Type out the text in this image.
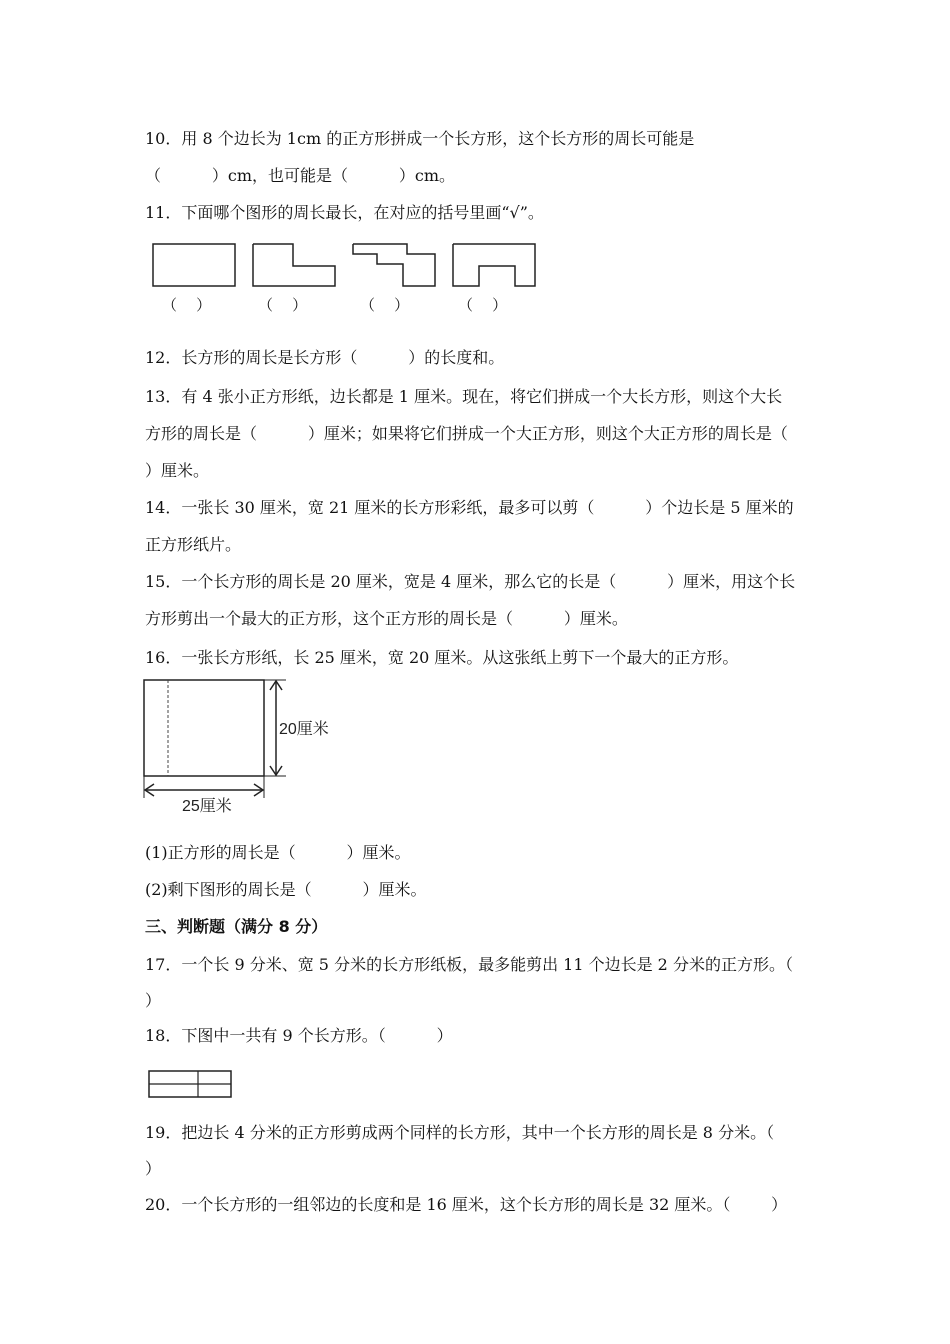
10．用 8 个边长为 1cm 的正方形拼成一个长方形，这个长方形的周长可能是
（          ）cm，也可能是（          ）cm。
11．下面哪个图形的周长最长，在对应的括号里画“√”。
（    ）	（    ）	（    ）	（    ）
12．长方形的周长是长方形（          ）的长度和。
13．有 4 张小正方形纸，边长都是 1 厘米。现在，将它们拼成一个大长方形，则这个大长
方形的周长是（          ）厘米；如果将它们拼成一个大正方形，则这个大正方形的周长是（
）厘米。
14．一张长 30 厘米，宽 21 厘米的长方形彩纸，最多可以剪（          ）个边长是 5 厘米的
正方形纸片。
15．一个长方形的周长是 20 厘米，宽是 4 厘米，那么它的长是（          ）厘米，用这个长
方形剪出一个最大的正方形，这个正方形的周长是（          ）厘米。
16．一张长方形纸，长 25 厘米，宽 20 厘米。从这张纸上剪下一个最大的正方形。
20厘米
25厘米
(1)正方形的周长是（          ）厘米。
(2)剩下图形的周长是（          ）厘米。
三、判断题（满分 8 分）
17．一个长 9 分米、宽 5 分米的长方形纸板，最多能剪出 11 个边长是 2 分米的正方形。（
）
18．下图中一共有 9 个长方形。（          ）
19．把边长 4 分米的正方形剪成两个同样的长方形，其中一个长方形的周长是 8 分米。（
）
20．一个长方形的一组邻边的长度和是 16 厘米，这个长方形的周长是 32 厘米。（        ）
